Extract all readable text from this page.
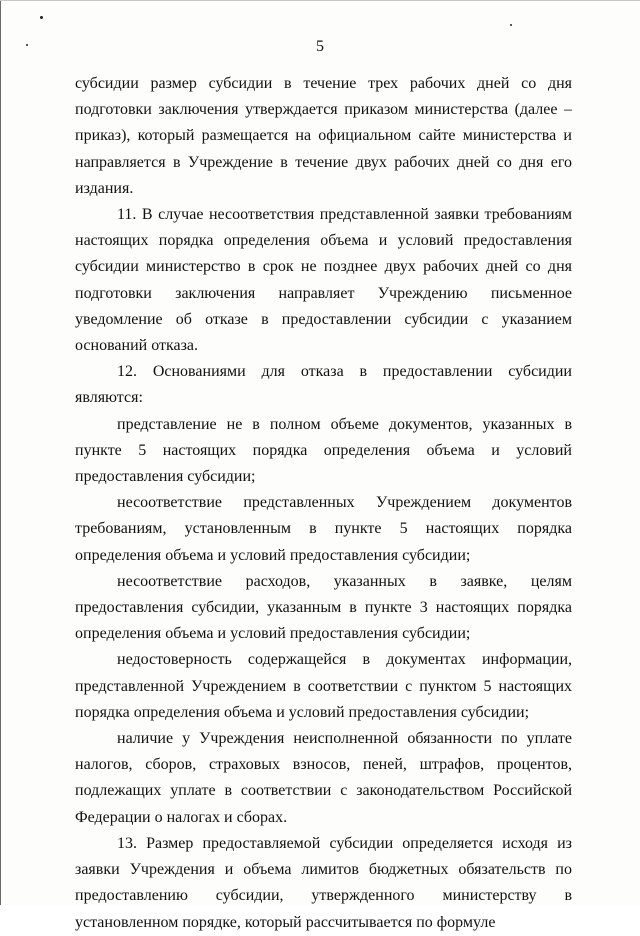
5

субсидии размер субсидии в течение трех рабочих дней со дня подготовки заключения утверждается приказом министерства (далее – приказ), который размещается на официальном сайте министерства и направляется в Учреждение в течение двух рабочих дней со дня его издания.

11. В случае несоответствия представленной заявки требованиям настоящих порядка определения объема и условий предоставления субсидии министерство в срок не позднее двух рабочих дней со дня подготовки заключения направляет Учреждению письменное уведомление об отказе в предоставлении субсидии с указанием оснований отказа.

12. Основаниями для отказа в предоставлении субсидии являются:

представление не в полном объеме документов, указанных в пункте 5 настоящих порядка определения объема и условий предоставления субсидии;

несоответствие представленных Учреждением документов требованиям, установленным в пункте 5 настоящих порядка определения объема и условий предоставления субсидии;

несоответствие расходов, указанных в заявке, целям предоставления субсидии, указанным в пункте 3 настоящих порядка определения объема и условий предоставления субсидии;

недостоверность содержащейся в документах информации, представленной Учреждением в соответствии с пунктом 5 настоящих порядка определения объема и условий предоставления субсидии;

наличие у Учреждения неисполненной обязанности по уплате налогов, сборов, страховых взносов, пеней, штрафов, процентов, подлежащих уплате в соответствии с законодательством Российской Федерации о налогах и сборах.

13. Размер предоставляемой субсидии определяется исходя из заявки Учреждения и объема лимитов бюджетных обязательств по предоставлению субсидии, утвержденного министерству в установленном порядке, который рассчитывается по формуле
